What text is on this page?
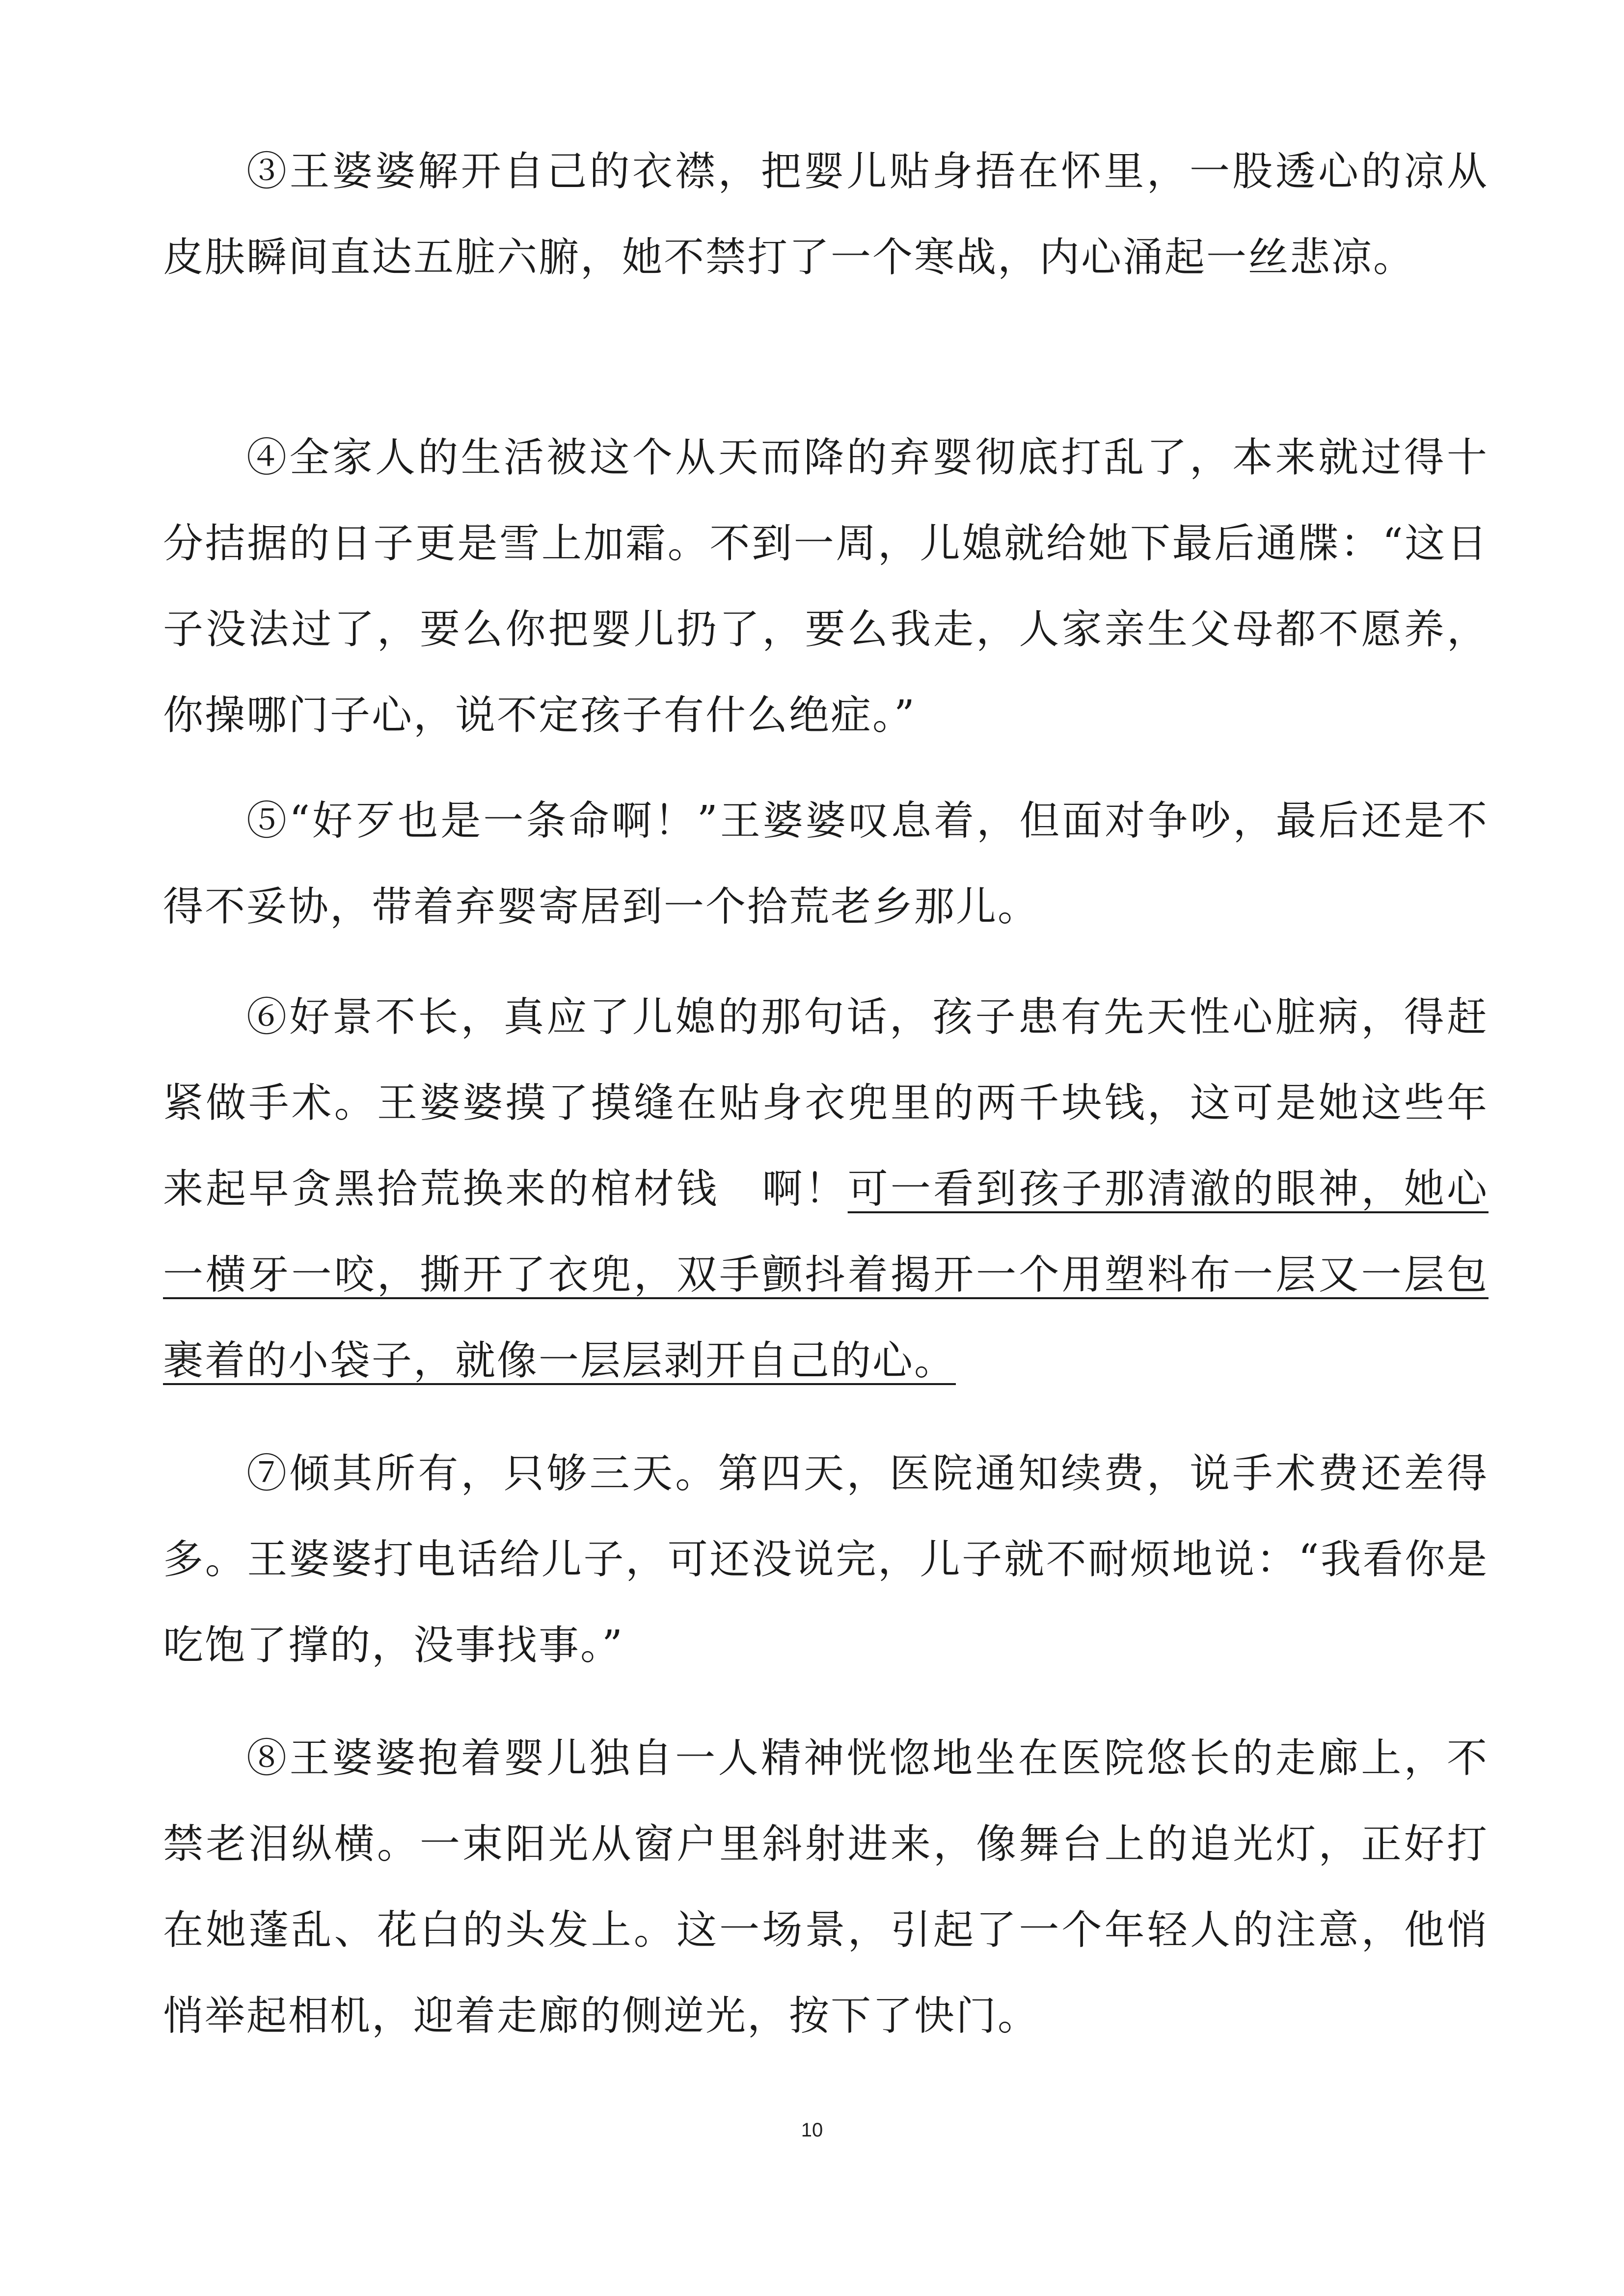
③王婆婆解开自己的衣襟，把婴儿贴身捂在怀里，一股透心的凉从皮肤瞬间直达五脏六腑，她不禁打了一个寒战，内心涌起一丝悲凉。

④全家人的生活被这个从天而降的弃婴彻底打乱了，本来就过得十分拮据的日子更是雪上加霜。不到一周，儿媳就给她下最后通牒：“这日子没法过了，要么你把婴儿扔了，要么我走，人家亲生父母都不愿养，你操哪门子心，说不定孩子有什么绝症。”

⑤“好歹也是一条命啊！”王婆婆叹息着，但面对争吵，最后还是不得不妥协，带着弃婴寄居到一个拾荒老乡那儿。

⑥好景不长，真应了儿媳的那句话，孩子患有先天性心脏病，得赶紧做手术。王婆婆摸了摸缝在贴身衣兜里的两千块钱，这可是她这些年来起早贪黑拾荒换来的棺材钱　啊！可一看到孩子那清澈的眼神，她心一横牙一咬，撕开了衣兜，双手颤抖着揭开一个用塑料布一层又一层包裹着的小袋子，就像一层层剥开自己的心。

⑦倾其所有，只够三天。第四天，医院通知续费，说手术费还差得多。王婆婆打电话给儿子，可还没说完，儿子就不耐烦地说：“我看你是吃饱了撑的，没事找事。”

⑧王婆婆抱着婴儿独自一人精神恍惚地坐在医院悠长的走廊上，不禁老泪纵横。一束阳光从窗户里斜射进来，像舞台上的追光灯，正好打在她蓬乱、花白的头发上。这一场景，引起了一个年轻人的注意，他悄悄举起相机，迎着走廊的侧逆光，按下了快门。

10
